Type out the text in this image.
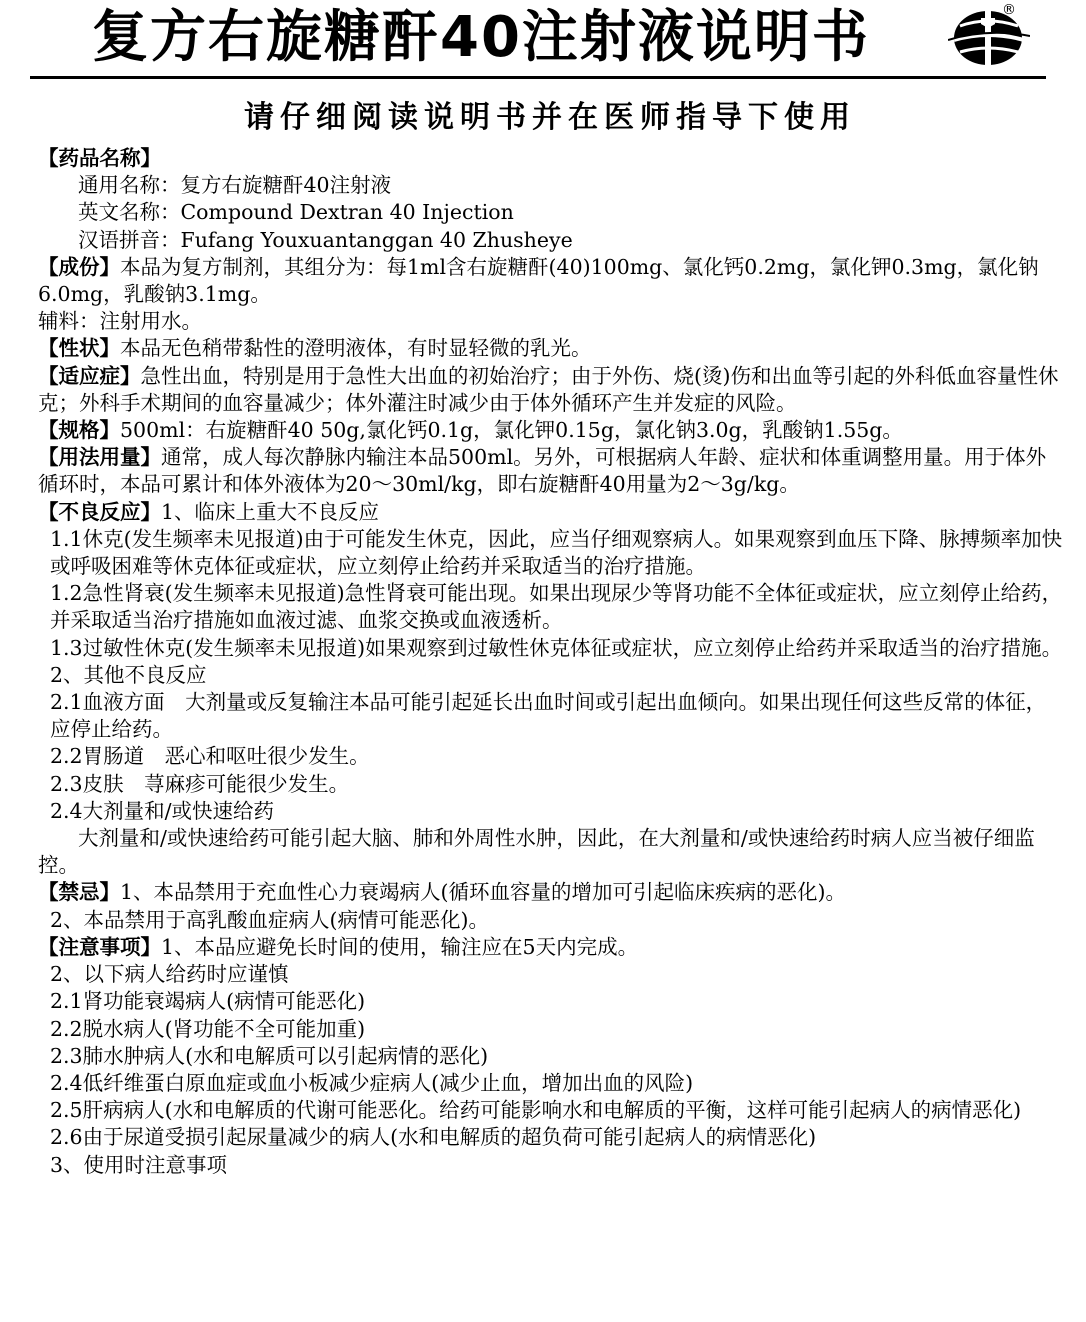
复方右旋糖酐40注射液说明书	®
请仔细阅读说明书并在医师指导下使用

【药品名称】

通用名称：复方右旋糖酐40注射液

英文名称：Compound Dextran 40 Injection

汉语拼音：Fufang Youxuantanggan 40 Zhusheye

【成份】本品为复方制剂，其组分为：每1ml含右旋糖酐(40)100mg、氯化钙0.2mg，氯化钾0.3mg，氯化钠6.0mg，乳酸钠3.1mg。

辅料：注射用水。

【性状】本品无色稍带黏性的澄明液体，有时显轻微的乳光。

【适应症】急性出血，特别是用于急性大出血的初始治疗；由于外伤、烧(烫)伤和出血等引起的外科低血容量性休克；外科手术期间的血容量减少；体外灌注时减少由于体外循环产生并发症的风险。

【规格】500ml：右旋糖酐40 50g,氯化钙0.1g，氯化钾0.15g，氯化钠3.0g，乳酸钠1.55g。

【用法用量】通常，成人每次静脉内输注本品500ml。另外，可根据病人年龄、症状和体重调整用量。用于体外循环时，本品可累计和体外液体为20～30ml/kg，即右旋糖酐40用量为2～3g/kg。

【不良反应】1、临床上重大不良反应

1.1休克(发生频率未见报道)由于可能发生休克，因此，应当仔细观察病人。如果观察到血压下降、脉搏频率加快或呼吸困难等休克体征或症状，应立刻停止给药并采取适当的治疗措施。

1.2急性肾衰(发生频率未见报道)急性肾衰可能出现。如果出现尿少等肾功能不全体征或症状，应立刻停止给药，并采取适当治疗措施如血液过滤、血浆交换或血液透析。

1.3过敏性休克(发生频率未见报道)如果观察到过敏性休克体征或症状，应立刻停止给药并采取适当的治疗措施。

2、其他不良反应

2.1血液方面　大剂量或反复输注本品可能引起延长出血时间或引起出血倾向。如果出现任何这些反常的体征，应停止给药。

2.2胃肠道　恶心和呕吐很少发生。

2.3皮肤　荨麻疹可能很少发生。

2.4大剂量和/或快速给药

大剂量和/或快速给药可能引起大脑、肺和外周性水肿，因此，在大剂量和/或快速给药时病人应当被仔细监控。

【禁忌】1、本品禁用于充血性心力衰竭病人(循环血容量的增加可引起临床疾病的恶化)。

2、本品禁用于高乳酸血症病人(病情可能恶化)。

【注意事项】1、本品应避免长时间的使用，输注应在5天内完成。

2、以下病人给药时应谨慎

2.1肾功能衰竭病人(病情可能恶化)

2.2脱水病人(肾功能不全可能加重)

2.3肺水肿病人(水和电解质可以引起病情的恶化)

2.4低纤维蛋白原血症或血小板减少症病人(减少止血，增加出血的风险)

2.5肝病病人(水和电解质的代谢可能恶化。给药可能影响水和电解质的平衡，这样可能引起病人的病情恶化)

2.6由于尿道受损引起尿量减少的病人(水和电解质的超负荷可能引起病人的病情恶化)

3、使用时注意事项
